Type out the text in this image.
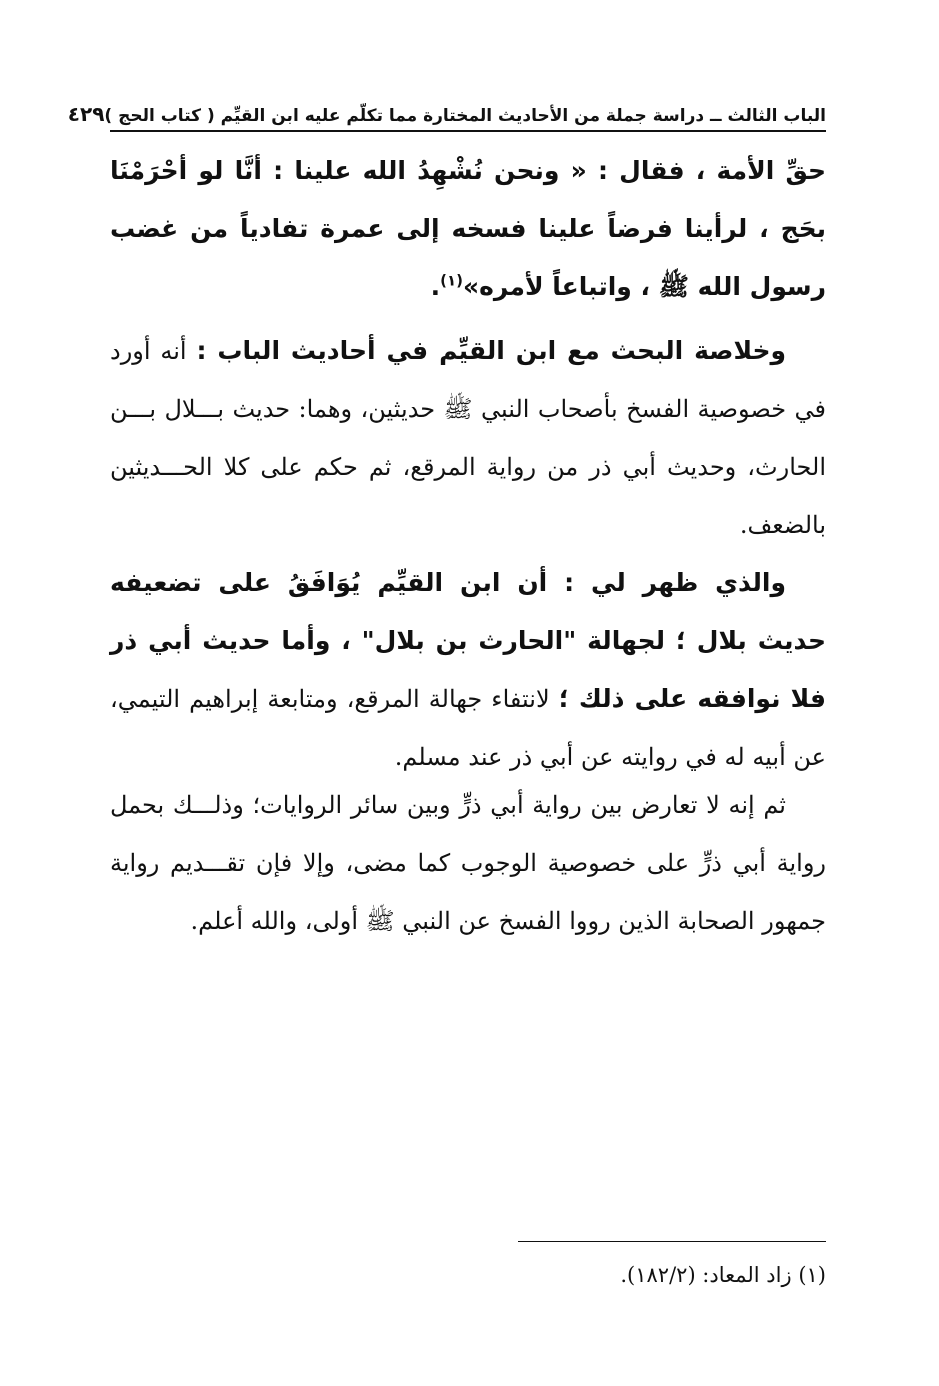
الباب الثالث ــ دراسة جملة من الأحاديث المختارة مما تكلّم عليه ابن القيِّم ( كتاب الحج )
٤٢٩

حقِّ الأمة ، فقال : « ونحن نُشْهِدُ الله علينا : أنَّا لو أحْرَمْنَا بحَج ، لرأينا فرضاً علينا فسخه إلى عمرة تفادياً من غضب رسول الله ﷺ ، واتباعاً لأمره»$^{(١)}$.

وخلاصة البحث مع ابن القيِّم في أحاديث الباب : أنه أورد في خصوصية الفسخ بأصحاب النبي ﷺ حديثين، وهما: حديث بـــلال بـــن الحارث، وحديث أبي ذر من رواية المرقع، ثم حكم على كلا الحـــديثين بالضعف.

والذي ظهر لي : أن ابن القيِّم يُوَافَقُ على تضعيفه حديث بلال ؛ لجهالة "الحارث بن بلال" ، وأما حديث أبي ذر فلا نوافقه على ذلك ؛ لانتفاء جهالة المرقع، ومتابعة إبراهيم التيمي، عن أبيه له في روايته عن أبي ذر عند مسلم.

ثم إنه لا تعارض بين رواية أبي ذرٍّ وبين سائر الروايات؛ وذلـــك بحمل رواية أبي ذرٍّ على خصوصية الوجوب كما مضى، وإلا فإن تقـــديم رواية جمهور الصحابة الذين رووا الفسخ عن النبي ﷺ أولى، والله أعلم.

(١) زاد المعاد: (١٨٢/٢).
